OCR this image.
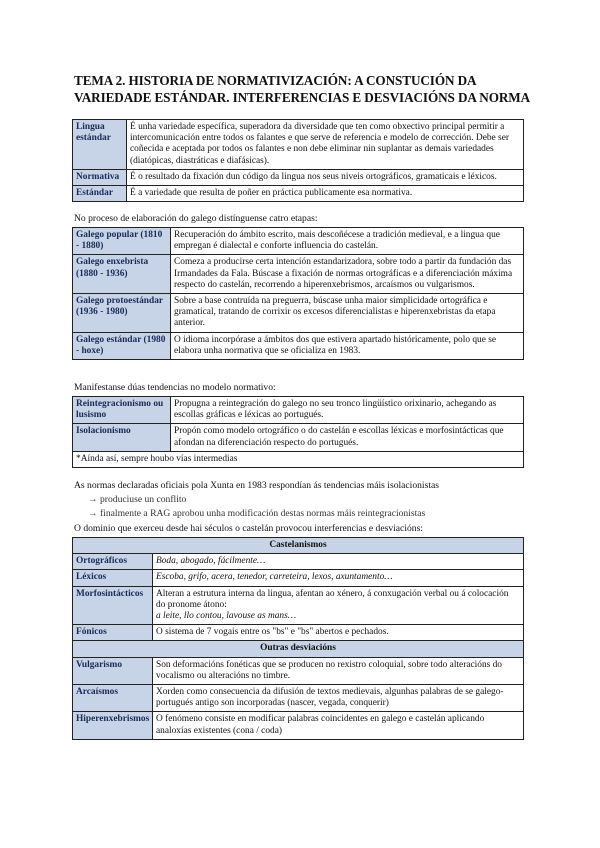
TEMA 2. HISTORIA DE NORMATIVIZACIÓN: A CONSTUCIÓN DA VARIEDADE ESTÁNDAR. INTERFERENCIAS E DESVIACIÓNS DA NORMA
Lingua estándar	É unha variedade específica, superadora da diversidade que ten como obxectivo principal permitir a intercomunicación entre todos os falantes e que serve de referencia e modelo de corrección. Debe ser coñecida e aceptada por todos os falantes e non debe eliminar nin suplantar as demais variedades (diatópicas, diastráticas e diafásicas).
Normativa	É o resultado da fixación dun código da lingua nos seus niveis ortográficos, gramaticais e léxicos.
Estándar	É a variedade que resulta de poñer en práctica publicamente esa normativa.
No proceso de elaboración do galego distínguense catro etapas:
Galego popular (1810 - 1880)	Recuperación do ámbito escrito, mais descoñécese a tradición medieval, e a lingua que empregan é dialectal e conforte influencia do castelán.
Galego enxebrista (1880 - 1936)	Comeza a producirse certa intención estandarizadora, sobre todo a partir da fundación das Irmandades da Fala. Búscase a fixación de normas ortográficas e a diferenciación máxima respecto do castelán, recorrendo a hiperenxebrismos, arcaísmos ou vulgarismos.
Galego protoestándar (1936 - 1980)	Sobre a base contruída na preguerra, búscase unha maior simplicidade ortográfica e gramatical, tratando de corrixir os excesos diferencialistas e hiperenxebristas da etapa anterior.
Galego estándar (1980 - hoxe)	O idioma incorpórase a ámbitos dos que estivera apartado históricamente, polo que se elabora unha normativa que se oficializa en 1983.
Manifestanse dúas tendencias no modelo normativo:
Reintegracionismo ou lusismo	Propugna a reintegración do galego no seu tronco lingüístico orixinario, achegando as escollas gráficas e léxicas ao portugués.
Isolacionismo	Propón como modelo ortográfico o do castelán e escollas léxicas e morfosintácticas que afondan na diferenciación respecto do portugués.
*Aínda así, sempre houbo vías intermedias	
As normas declaradas oficiais pola Xunta en 1983 respondían ás tendencias máis isolacionistas
→ produciuse un conflito
→ finalmente a RAG aprobou unha modificación destas normas máis reintegracionistas
O dominio que exerceu desde hai séculos o castelán provocou interferencias e desviacións:
Castelanismos	
Ortográficos	Boda, abogado, fácilmente…
Léxicos	Escoba, grifo, acera, tenedor, carreteira, lexos, axuntamento…
Morfosintácticos	Alteran a estrutura interna da lingua, afentan ao xénero, á conxugación verbal ou á colocación do pronome átono:
a leite, llo contou, lavouse as mans…
Fónicos	O sistema de 7 vogais entre os "bs" e "bs" abertos e pechados.
Outras desviacións	
Vulgarismo	Son deformacións fonéticas que se producen no rexistro coloquial, sobre todo alteracións do vocalismo ou alteracións no timbre.
Arcaísmos	Xorden como consecuencia da difusión de textos medievais, algunhas palabras de se galego-portugués antigo son incorporadas (nascer, vegada, conquerir)
Hiperenxebrismos	O fenómeno consiste en modificar palabras coincidentes en galego e castelán aplicando analoxías existentes (cona / coda)
